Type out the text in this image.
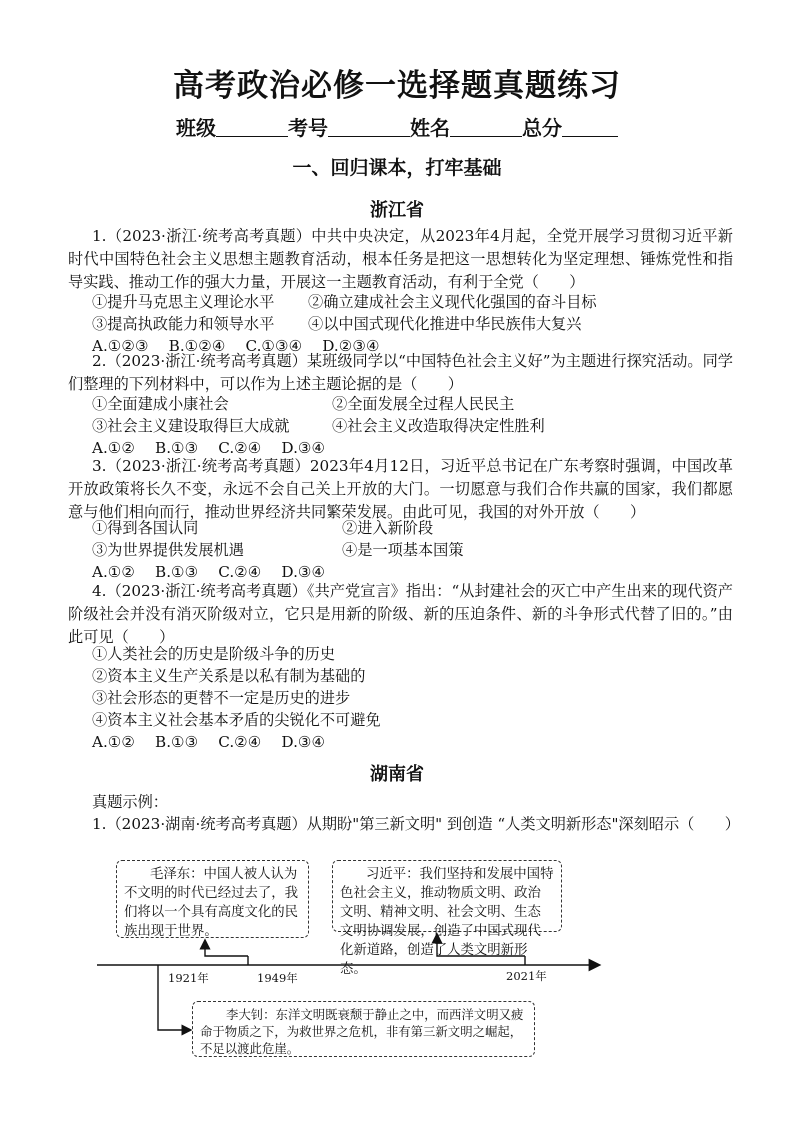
高考政治必修一选择题真题练习
班级	考号	姓名	总分
一、回归课本，打牢基础
浙江省
1.（2023·浙江·统考高考真题）中共中央决定，从2023年4月起，全党开展学习贯彻习近平新时代中国特色社会主义思想主题教育活动，根本任务是把这一思想转化为坚定理想、锤炼党性和指导实践、推动工作的强大力量，开展这一主题教育活动，有利于全党（　　）
①提升马克思主义理论水平 ②确立建成社会主义现代化强国的奋斗目标
③提高执政能力和领导水平 ④以中国式现代化推进中华民族伟大复兴
A.①②③　 B.①②④　 C.①③④　 D.②③④
2.（2023·浙江·统考高考真题）某班级同学以“中国特色社会主义好”为主题进行探究活动。同学们整理的下列材料中，可以作为上述主题论据的是（　　）
①全面建成小康社会	②全面发展全过程人民民主
③社会主义建设取得巨大成就	④社会主义改造取得决定性胜利
A.①②　 B.①③　 C.②④　 D.③④
3.（2023·浙江·统考高考真题）2023年4月12日，习近平总书记在广东考察时强调，中国改革开放政策将长久不变，永远不会自己关上开放的大门。一切愿意与我们合作共赢的国家，我们都愿意与他们相向而行，推动世界经济共同繁荣发展。由此可见，我国的对外开放（　　）
①得到各国认同	②进入新阶段
③为世界提供发展机遇	④是一项基本国策
A.①②　 B.①③　 C.②④　 D.③④
4.（2023·浙江·统考高考真题）《共产党宣言》指出：“从封建社会的灭亡中产生出来的现代资产阶级社会并没有消灭阶级对立，它只是用新的阶级、新的压迫条件、新的斗争形式代替了旧的。”由此可见（　　）
①人类社会的历史是阶级斗争的历史
②资本主义生产关系是以私有制为基础的
③社会形态的更替不一定是历史的进步
④资本主义社会基本矛盾的尖锐化不可避免
A.①②　 B.①③　 C.②④　 D.③④
湖南省
真题示例：
1.（2023·湖南·统考高考真题）从期盼"第三新文明" 到创造 “人类文明新形态"深刻昭示（　　）
毛泽东：中国人被人认为不文明的时代已经过去了，我们将以一个具有高度文化的民族出现于世界。
习近平：我们坚持和发展中国特色社会主义，推动物质文明、政治文明、精神文明、社会文明、生态文明协调发展，创造了中国式现代化新道路，创造了人类文明新形态。
李大钊：东洋文明既衰颓于静止之中，而西洋文明又疲命于物质之下，为救世界之危机，非有第三新文明之崛起，不足以渡此危崖。
1921年	1949年	2021年
